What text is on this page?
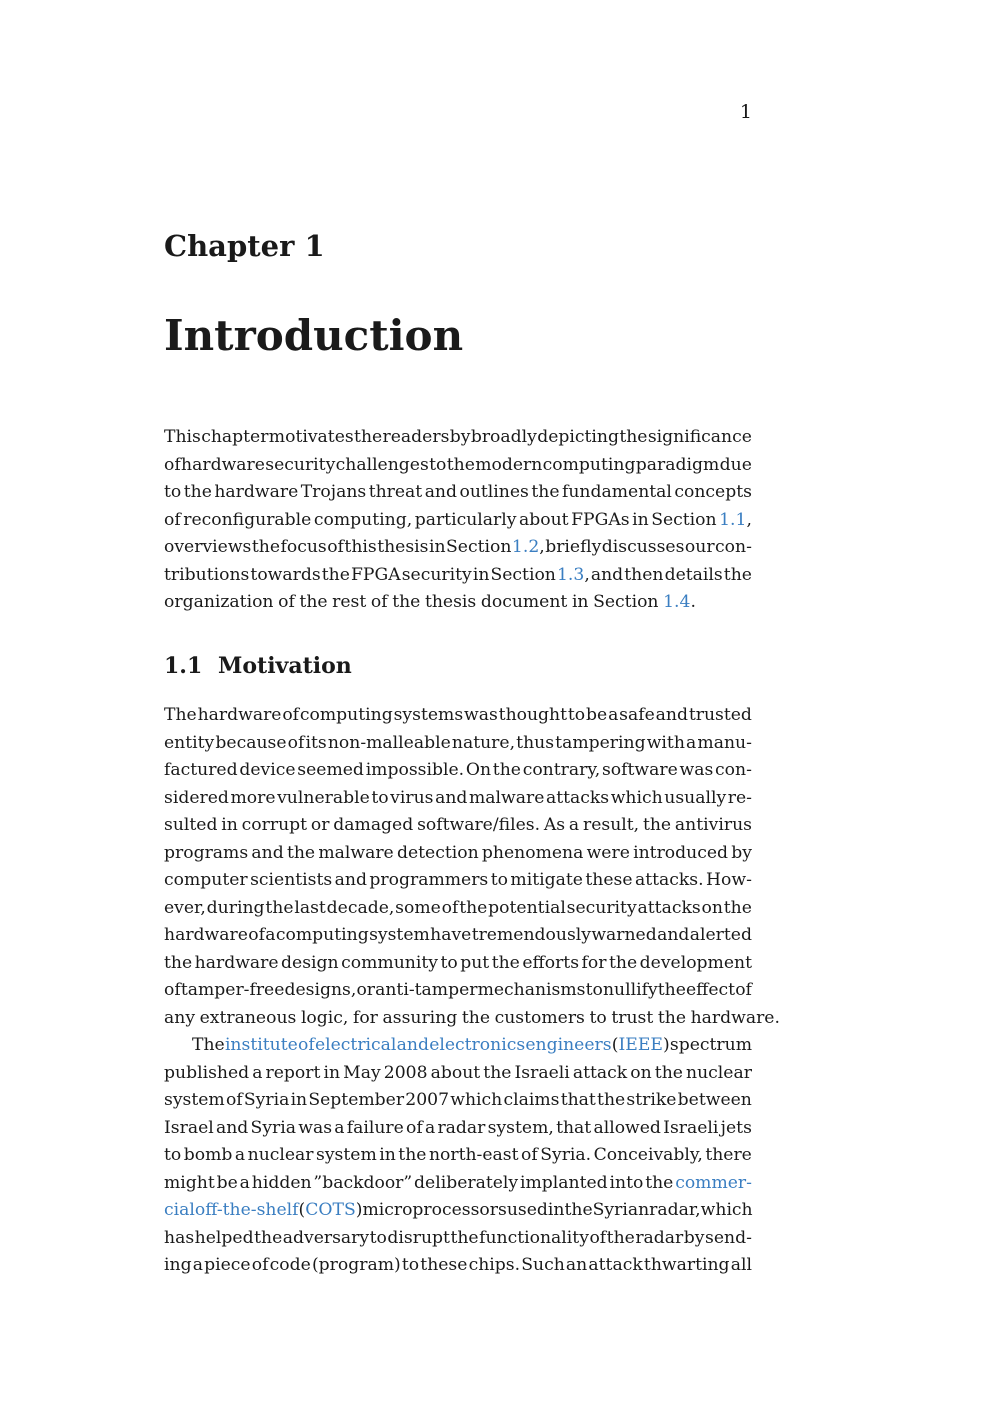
1
Chapter 1
Introduction
This chapter motivates the readers by broadly depicting the significance
of hardware security challenges to the modern computing paradigm due
to the hardware Trojans threat and outlines the fundamental concepts
of reconfigurable computing, particularly about FPGAs in Section 1.1,
overviews the focus of this thesis in Section 1.2, briefly discusses our con-
tributions towards the FPGA security in Section 1.3, and then details the
organization of the rest of the thesis document in Section 1.4.
1.1 Motivation
The hardware of computing systems was thought to be a safe and trusted
entity because of its non-malleable nature, thus tampering with a manu-
factured device seemed impossible. On the contrary, software was con-
sidered more vulnerable to virus and malware attacks which usually re-
sulted in corrupt or damaged software/files. As a result, the antivirus
programs and the malware detection phenomena were introduced by
computer scientists and programmers to mitigate these attacks. How-
ever, during the last decade, some of the potential security attacks on the
hardware of a computing system have tremendously warned and alerted
the hardware design community to put the efforts for the development
of tamper-free designs, or anti-tamper mechanisms to nullify the effect of
any extraneous logic, for assuring the customers to trust the hardware.
The institute of electrical and electronics engineers (IEEE) spectrum
published a report in May 2008 about the Israeli attack on the nuclear
system of Syria in September 2007 which claims that the strike between
Israel and Syria was a failure of a radar system, that allowed Israeli jets
to bomb a nuclear system in the north-east of Syria. Conceivably, there
might be a hidden ”backdoor” deliberately implanted into the commer-
cial off-the-shelf (COTS) microprocessors used in the Syrian radar, which
has helped the adversary to disrupt the functionality of the radar by send-
ing a piece of code (program) to these chips. Such an attack thwarting all
